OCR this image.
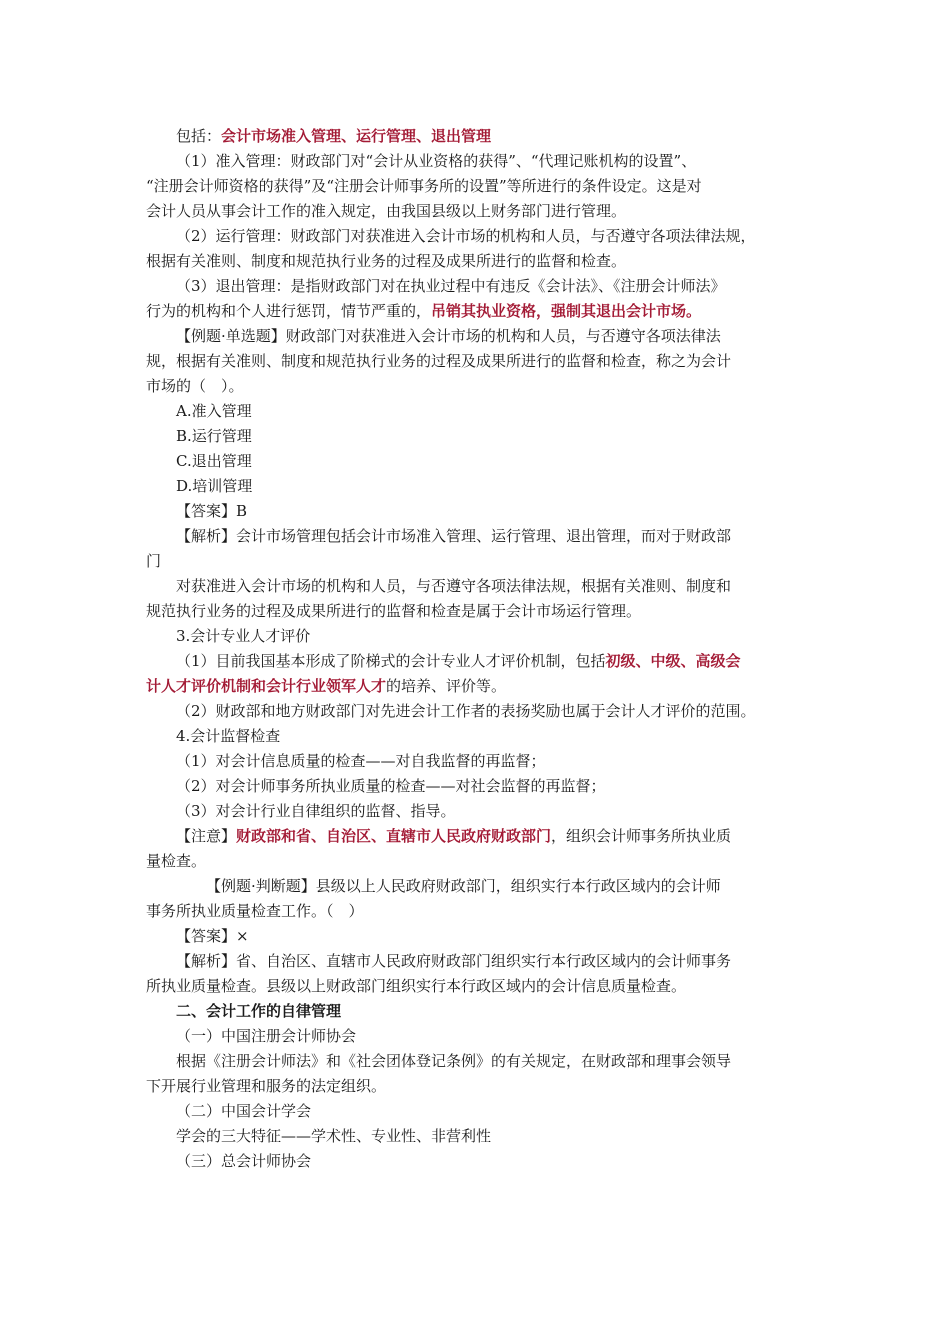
包括：会计市场准入管理、运行管理、退出管理

（1）准入管理：财政部门对“会计从业资格的获得”、“代理记账机构的设置”、

“注册会计师资格的获得”及“注册会计师事务所的设置”等所进行的条件设定。这是对

会计人员从事会计工作的准入规定，由我国县级以上财务部门进行管理。

（2）运行管理：财政部门对获准进入会计市场的机构和人员，与否遵守各项法律法规，

根据有关准则、制度和规范执行业务的过程及成果所进行的监督和检查。

（3）退出管理：是指财政部门对在执业过程中有违反《会计法》、《注册会计师法》

行为的机构和个人进行惩罚，情节严重的，吊销其执业资格，强制其退出会计市场。

【例题·单选题】财政部门对获准进入会计市场的机构和人员，与否遵守各项法律法

规，根据有关准则、制度和规范执行业务的过程及成果所进行的监督和检查，称之为会计

市场的（　）。

A.准入管理

B.运行管理

C.退出管理

D.培训管理

【答案】B

【解析】会计市场管理包括会计市场准入管理、运行管理、退出管理，而对于财政部

门

对获准进入会计市场的机构和人员，与否遵守各项法律法规，根据有关准则、制度和

规范执行业务的过程及成果所进行的监督和检查是属于会计市场运行管理。

3.会计专业人才评价

（1）目前我国基本形成了阶梯式的会计专业人才评价机制，包括初级、中级、高级会

计人才评价机制和会计行业领军人才的培养、评价等。

（2）财政部和地方财政部门对先进会计工作者的表扬奖励也属于会计人才评价的范围。

4.会计监督检查

（1）对会计信息质量的检查——对自我监督的再监督；

（2）对会计师事务所执业质量的检查——对社会监督的再监督；

（3）对会计行业自律组织的监督、指导。

【注意】财政部和省、自治区、直辖市人民政府财政部门，组织会计师事务所执业质

量检查。

【例题·判断题】县级以上人民政府财政部门，组织实行本行政区域内的会计师

事务所执业质量检查工作。（　）

【答案】×

【解析】省、自治区、直辖市人民政府财政部门组织实行本行政区域内的会计师事务

所执业质量检查。县级以上财政部门组织实行本行政区域内的会计信息质量检查。

二、会计工作的自律管理

（一）中国注册会计师协会

根据《注册会计师法》和《社会团体登记条例》的有关规定，在财政部和理事会领导

下开展行业管理和服务的法定组织。

（二）中国会计学会

学会的三大特征——学术性、专业性、非营利性

（三）总会计师协会
